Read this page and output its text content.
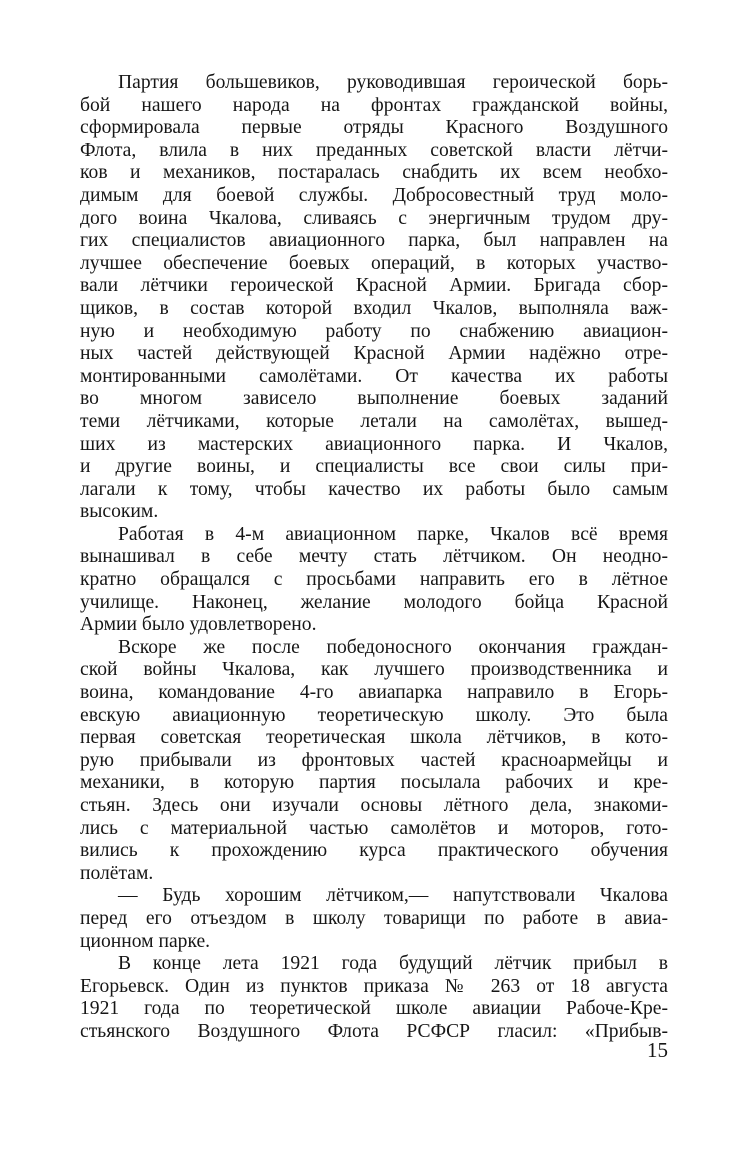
Партия большевиков, руководившая героической борь-
бой нашего народа на фронтах гражданской войны,
сформировала первые отряды Красного Воздушного
Флота, влила в них преданных советской власти лётчи-
ков и механиков, постаралась снабдить их всем необхо-
димым для боевой службы. Добросовестный труд моло-
дого воина Чкалова, сливаясь с энергичным трудом дру-
гих специалистов авиационного парка, был направлен на
лучшее обеспечение боевых операций, в которых участво-
вали лётчики героической Красной Армии. Бригада сбор-
щиков, в состав которой входил Чкалов, выполняла важ-
ную и необходимую работу по снабжению авиацион-
ных частей действующей Красной Армии надёжно отре-
монтированными самолётами. От качества их работы
во многом зависело выполнение боевых заданий
теми лётчиками, которые летали на самолётах, вышед-
ших из мастерских авиационного парка. И Чкалов,
и другие воины, и специалисты все свои силы при-
лагали к тому, чтобы качество их работы было самым
высоким.
Работая в 4-м авиационном парке, Чкалов всё время
вынашивал в себе мечту стать лётчиком. Он неодно-
кратно обращался с просьбами направить его в лётное
училище. Наконец, желание молодого бойца Красной
Армии было удовлетворено.
Вскоре же после победоносного окончания граждан-
ской войны Чкалова, как лучшего производственника и
воина, командование 4-го авиапарка направило в Егорь-
евскую авиационную теоретическую школу. Это была
первая советская теоретическая школа лётчиков, в кото-
рую прибывали из фронтовых частей красноармейцы и
механики, в которую партия посылала рабочих и кре-
стьян. Здесь они изучали основы лётного дела, знакоми-
лись с материальной частью самолётов и моторов, гото-
вились к прохождению курса практического обучения
полётам.
— Будь хорошим лётчиком,— напутствовали Чкалова
перед его отъездом в школу товарищи по работе в авиа-
ционном парке.
В конце лета 1921 года будущий лётчик прибыл в
Егорьевск. Один из пунктов приказа № 263 от 18 августа
1921 года по теоретической школе авиации Рабоче-Кре-
стьянского Воздушного Флота РСФСР гласил: «Прибыв-
15
